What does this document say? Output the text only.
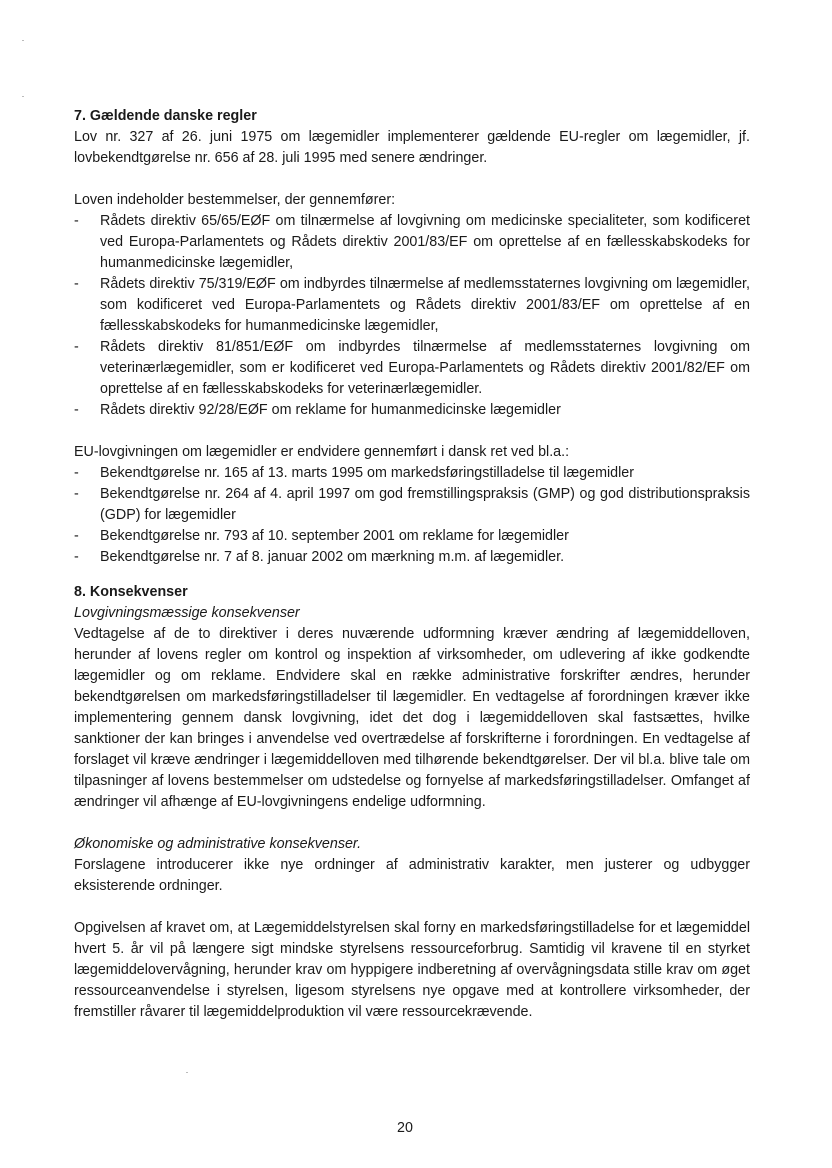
7. Gældende danske regler

Lov nr. 327 af 26. juni 1975 om lægemidler implementerer gældende EU-regler om lægemidler, jf. lovbekendtgørelse nr. 656 af 28. juli 1995 med senere ændringer.

Loven indeholder bestemmelser, der gennemfører:

- Rådets direktiv 65/65/EØF om tilnærmelse af lovgivning om medicinske specialiteter, som kodificeret ved Europa-Parlamentets og Rådets direktiv 2001/83/EF om oprettelse af en fællesskabskodeks for humanmedicinske lægemidler,
- Rådets direktiv 75/319/EØF om indbyrdes tilnærmelse af medlemsstaternes lovgivning om lægemidler, som kodificeret ved Europa-Parlamentets og Rådets direktiv 2001/83/EF om oprettelse af en fællesskabskodeks for humanmedicinske lægemidler,
- Rådets direktiv 81/851/EØF om indbyrdes tilnærmelse af medlemsstaternes lovgivning om veterinærlægemidler, som er kodificeret ved Europa-Parlamentets og Rådets direktiv 2001/82/EF om oprettelse af en fællesskabskodeks for veterinærlægemidler.
- Rådets direktiv 92/28/EØF om reklame for humanmedicinske lægemidler

EU-lovgivningen om lægemidler er endvidere gennemført i dansk ret ved bl.a.:

- Bekendtgørelse nr. 165 af 13. marts 1995 om markedsføringstilladelse til lægemidler
- Bekendtgørelse nr. 264 af 4. april 1997 om god fremstillingspraksis (GMP) og god distributionspraksis (GDP) for lægemidler
- Bekendtgørelse nr. 793 af 10. september 2001 om reklame for lægemidler
- Bekendtgørelse nr. 7 af 8. januar 2002 om mærkning m.m. af lægemidler.

8. Konsekvenser

Lovgivningsmæssige konsekvenser

Vedtagelse af de to direktiver i deres nuværende udformning kræver ændring af lægemiddelloven, herunder af lovens regler om kontrol og inspektion af virksomheder, om udlevering af ikke godkendte lægemidler og om reklame. Endvidere skal en række administrative forskrifter ændres, herunder bekendtgørelsen om markedsføringstilladelser til lægemidler. En vedtagelse af forordningen kræver ikke implementering gennem dansk lovgivning, idet det dog i lægemiddelloven skal fastsættes, hvilke sanktioner der kan bringes i anvendelse ved overtrædelse af forskrifterne i forordningen. En vedtagelse af forslaget vil kræve ændringer i lægemiddelloven med tilhørende bekendtgørelser. Der vil bl.a. blive tale om tilpasninger af lovens bestemmelser om udstedelse og fornyelse af markedsføringstilladelser. Omfanget af ændringer vil afhænge af EU-lovgivningens endelige udformning.

Økonomiske og administrative konsekvenser.

Forslagene introducerer ikke nye ordninger af administrativ karakter, men justerer og udbygger eksisterende ordninger.

Opgivelsen af kravet om, at Lægemiddelstyrelsen skal forny en markedsføringstilladelse for et lægemiddel hvert 5. år vil på længere sigt mindske styrelsens ressourceforbrug. Samtidig vil kravene til en styrket lægemiddelovervågning, herunder krav om hyppigere indberetning af overvågningsdata stille krav om øget ressourceanvendelse i styrelsen, ligesom styrelsens nye opgave med at kontrollere virksomheder, der fremstiller råvarer til lægemiddelproduktion vil være ressourcekrævende.

20
